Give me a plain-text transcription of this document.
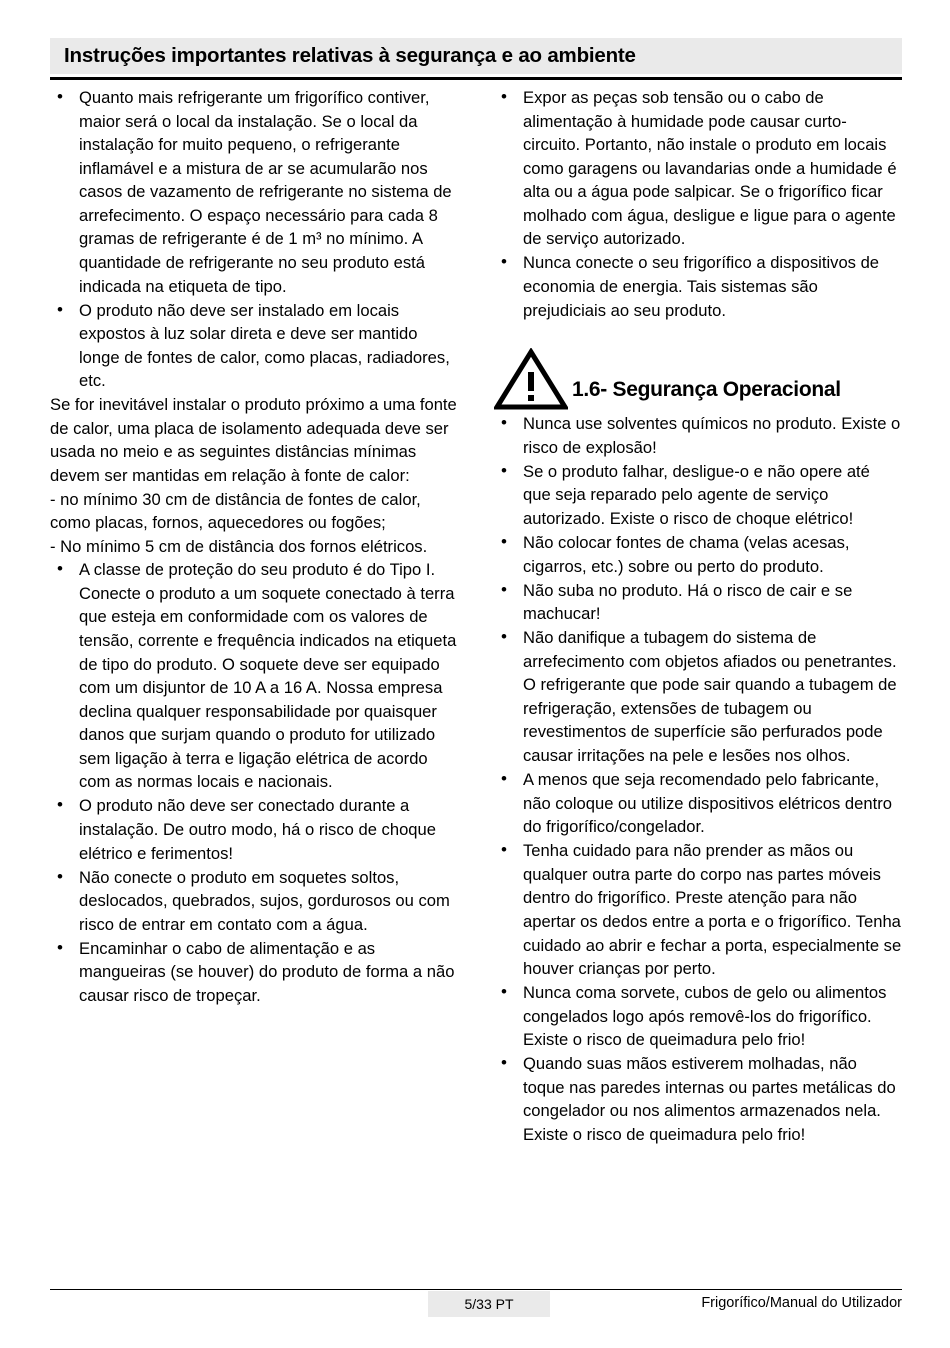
Instruções importantes relativas à segurança e ao ambiente
• Quanto mais refrigerante um frigorífico contiver, maior será o local da instalação. Se o local da instalação for muito pequeno, o refrigerante inflamável e a mistura de ar se acumularão nos casos de vazamento de refrigerante no sistema de arrefecimento. O espaço necessário para cada 8 gramas de refrigerante é de 1 m³ no mínimo. A quantidade de refrigerante no seu produto está indicada na etiqueta de tipo.
• O produto não deve ser instalado em locais expostos à luz solar direta e deve ser mantido longe de fontes de calor, como placas, radiadores, etc.

Se for inevitável instalar o produto próximo a uma fonte de calor, uma placa de isolamento adequada deve ser usada no meio e as seguintes distâncias mínimas devem ser mantidas em relação à fonte de calor:

- no mínimo 30 cm de distância de fontes de calor, como placas, fornos, aquecedores ou fogões;

- No mínimo 5 cm de distância dos fornos elétricos.

• A classe de proteção do seu produto é do Tipo I. Conecte o produto a um soquete conectado à terra que esteja em conformidade com os valores de tensão, corrente e frequência indicados na etiqueta de tipo do produto. O soquete deve ser equipado com um disjuntor de 10 A a 16 A. Nossa empresa declina qualquer responsabilidade por quaisquer danos que surjam quando o produto for utilizado sem ligação à terra e ligação elétrica de acordo com as normas locais e nacionais.
• O produto não deve ser conectado durante a instalação. De outro modo, há o risco de choque elétrico e ferimentos!
• Não conecte o produto em soquetes soltos, deslocados, quebrados, sujos, gordurosos ou com risco de entrar em contato com a água.
• Encaminhar o cabo de alimentação e as mangueiras (se houver) do produto de forma a não causar risco de tropeçar.
• Expor as peças sob tensão ou o cabo de alimentação à humidade pode causar curto-circuito. Portanto, não instale o produto em locais como garagens ou lavandarias onde a humidade é alta ou a água pode salpicar. Se o frigorífico ficar molhado com água, desligue e ligue para o agente de serviço autorizado.
• Nunca conecte o seu frigorífico a dispositivos de economia de energia. Tais sistemas são prejudiciais ao seu produto.
1.6- Segurança Operacional
• Nunca use solventes químicos no produto. Existe o risco de explosão!
• Se o produto falhar, desligue-o e não opere até que seja reparado pelo agente de serviço autorizado. Existe o risco de choque elétrico!
• Não colocar fontes de chama (velas acesas, cigarros, etc.) sobre ou perto do produto.
• Não suba no produto. Há o risco de cair e se machucar!
• Não danifique a tubagem do sistema de arrefecimento com objetos afiados ou penetrantes. O refrigerante que pode sair quando a tubagem de refrigeração, extensões de tubagem ou revestimentos de superfície são perfurados pode causar irritações na pele e lesões nos olhos.
• A menos que seja recomendado pelo fabricante, não coloque ou utilize dispositivos elétricos dentro do frigorífico/congelador.
• Tenha cuidado para não prender as mãos ou qualquer outra parte do corpo nas partes móveis dentro do frigorífico. Preste atenção para não apertar os dedos entre a porta e o frigorífico. Tenha cuidado ao abrir e fechar a porta, especialmente se houver crianças por perto.
• Nunca coma sorvete, cubos de gelo ou alimentos congelados logo após removê-los do frigorífico. Existe o risco de queimadura pelo frio!
• Quando suas mãos estiverem molhadas, não toque nas paredes internas ou partes metálicas do congelador ou nos alimentos armazenados nela. Existe o risco de queimadura pelo frio!
5/33 PT	Frigorífico/Manual do Utilizador
